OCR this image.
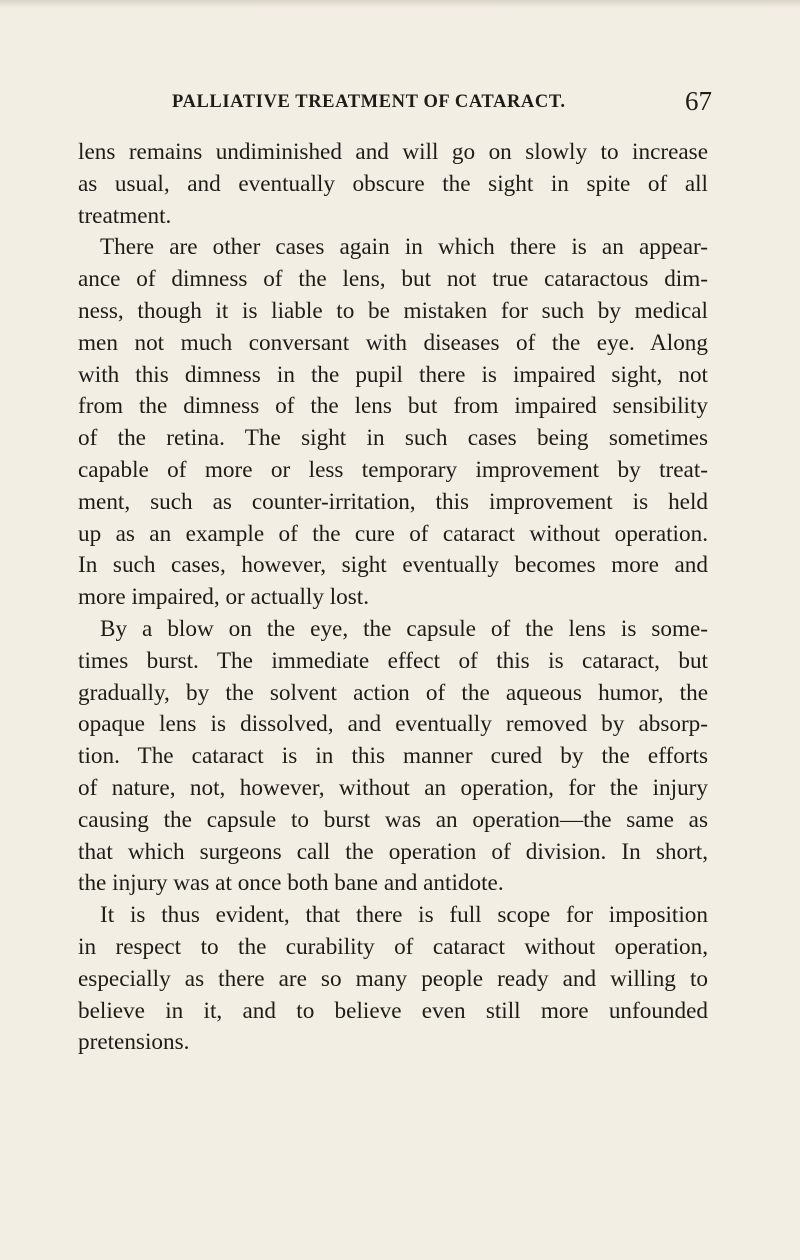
PALLIATIVE TREATMENT OF CATARACT.	67
lens remains undiminished and will go on slowly to increase
as usual, and eventually obscure the sight in spite of all
treatment.
There are other cases again in which there is an appear-
ance of dimness of the lens, but not true cataractous dim-
ness, though it is liable to be mistaken for such by medical
men not much conversant with diseases of the eye. Along
with this dimness in the pupil there is impaired sight, not
from the dimness of the lens but from impaired sensibility
of the retina. The sight in such cases being sometimes
capable of more or less temporary improvement by treat-
ment, such as counter-irritation, this improvement is held
up as an example of the cure of cataract without operation.
In such cases, however, sight eventually becomes more and
more impaired, or actually lost.
By a blow on the eye, the capsule of the lens is some-
times burst. The immediate effect of this is cataract, but
gradually, by the solvent action of the aqueous humor, the
opaque lens is dissolved, and eventually removed by absorp-
tion. The cataract is in this manner cured by the efforts
of nature, not, however, without an operation, for the injury
causing the capsule to burst was an operation—the same as
that which surgeons call the operation of division. In short,
the injury was at once both bane and antidote.
It is thus evident, that there is full scope for imposition
in respect to the curability of cataract without operation,
especially as there are so many people ready and willing to
believe in it, and to believe even still more unfounded
pretensions.
